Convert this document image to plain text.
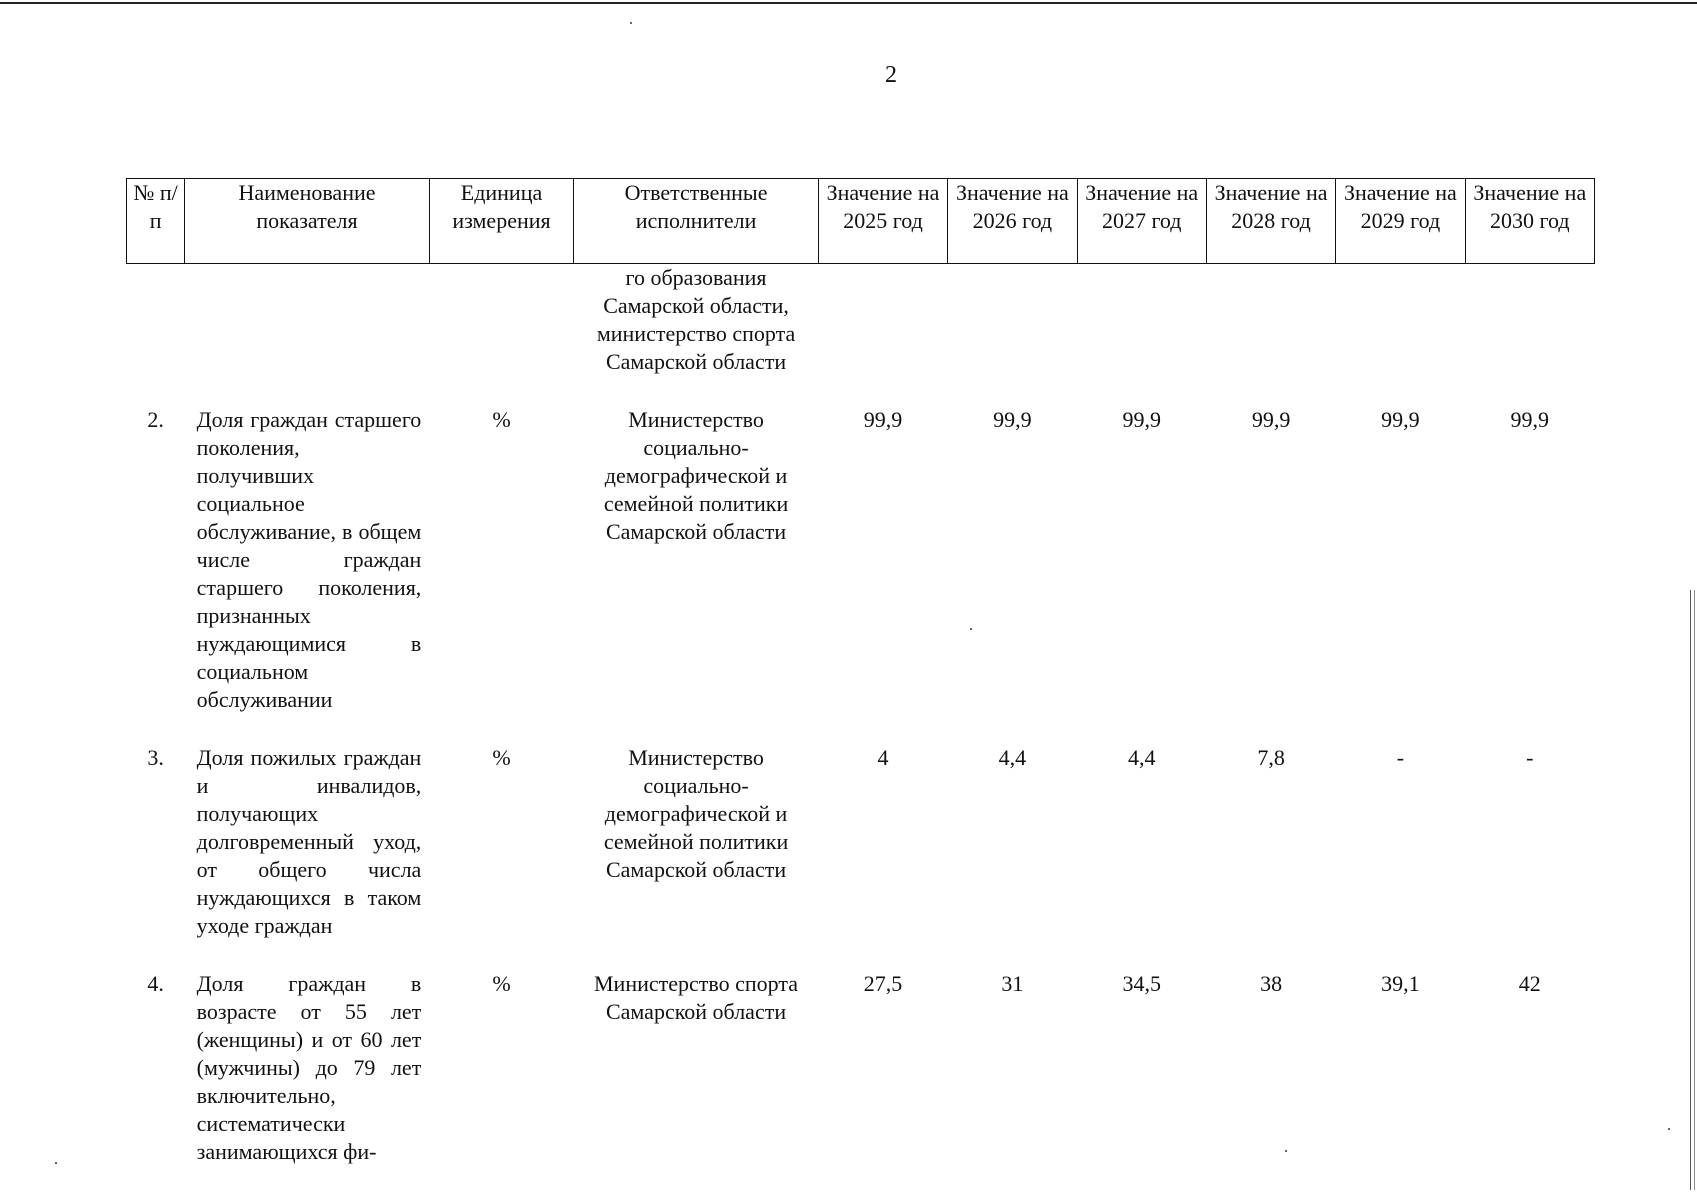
2
№ п/п	Наименование показателя	Единица измерения	Ответственные исполнители	Значение на 2025 год	Значение на 2026 год	Значение на 2027 год	Значение на 2028 год	Значение на 2029 год	Значение на 2030 год
			го образования Самарской области, министерство спорта Самарской области						

2.	Доля граждан старшего поколения, получивших социальное обслуживание, в общем числе граждан старшего поколения, признанных нуждающимися в социальном обслуживании	%	Министерство социально-демографической и семейной политики Самарской области	99,9	99,9	99,9	99,9	99,9	99,9

3.	Доля пожилых граждан и инвалидов, получающих долговременный уход, от общего числа нуждающихся в таком уходе граждан	%	Министерство социально-демографической и семейной политики Самарской области	4	4,4	4,4	7,8	-	-

4.	Доля граждан в возрасте от 55 лет (женщины) и от 60 лет (мужчины) до 79 лет включительно, систематически занимающихся фи-	%	Министерство спорта Самарской области	27,5	31	34,5	38	39,1	42
